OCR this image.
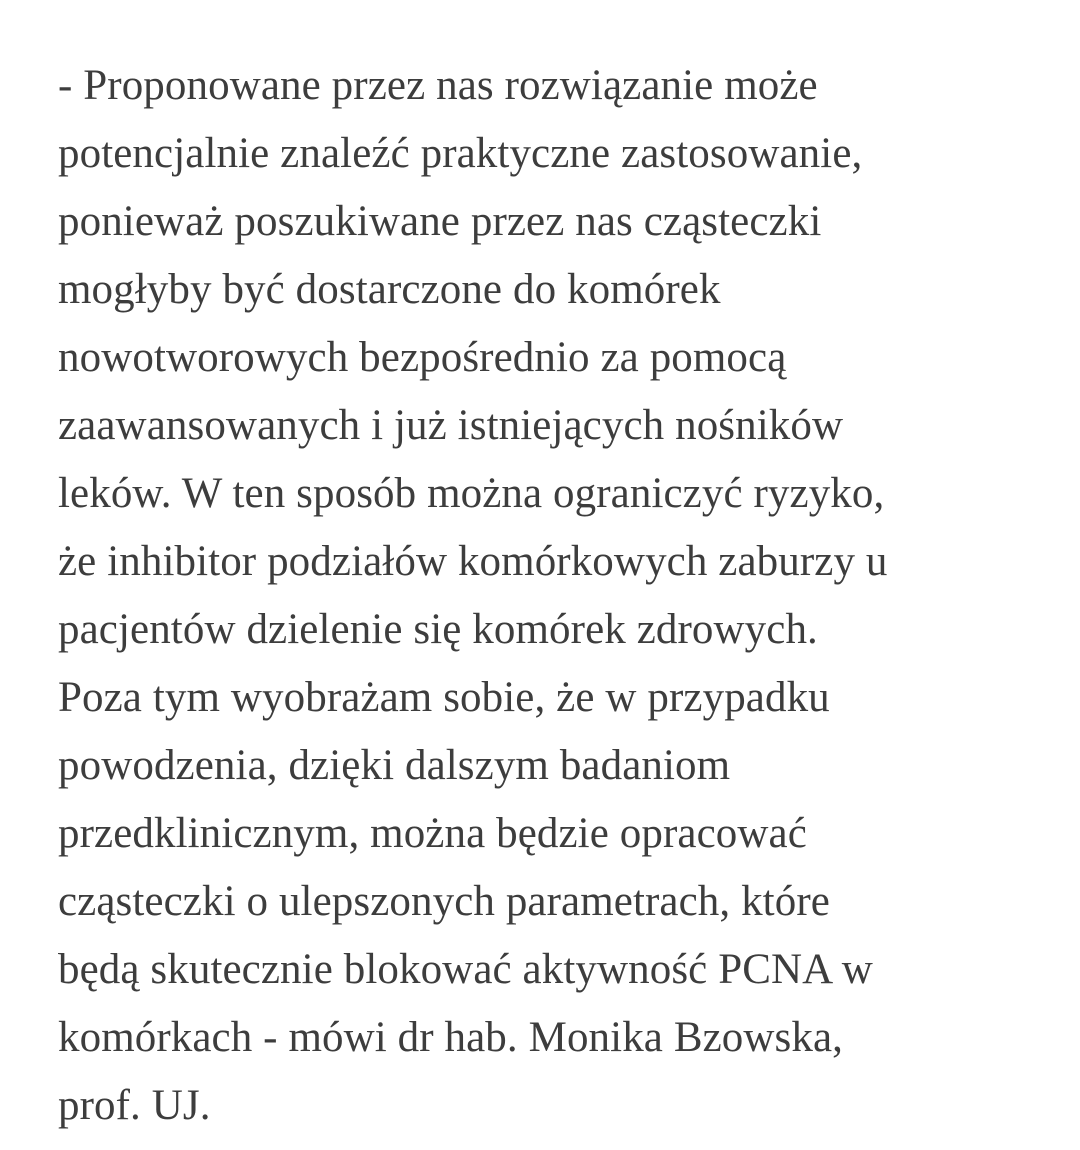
- Proponowane przez nas rozwiązanie może
potencjalnie znaleźć praktyczne zastosowanie,
ponieważ poszukiwane przez nas cząsteczki
mogłyby być dostarczone do komórek
nowotworowych bezpośrednio za pomocą
zaawansowanych i już istniejących nośników
leków. W ten sposób można ograniczyć ryzyko,
że inhibitor podziałów komórkowych zaburzy u
pacjentów dzielenie się komórek zdrowych.
Poza tym wyobrażam sobie, że w przypadku
powodzenia, dzięki dalszym badaniom
przedklinicznym, można będzie opracować
cząsteczki o ulepszonych parametrach, które
będą skutecznie blokować aktywność PCNA w
komórkach - mówi dr hab. Monika Bzowska,
prof. UJ.
